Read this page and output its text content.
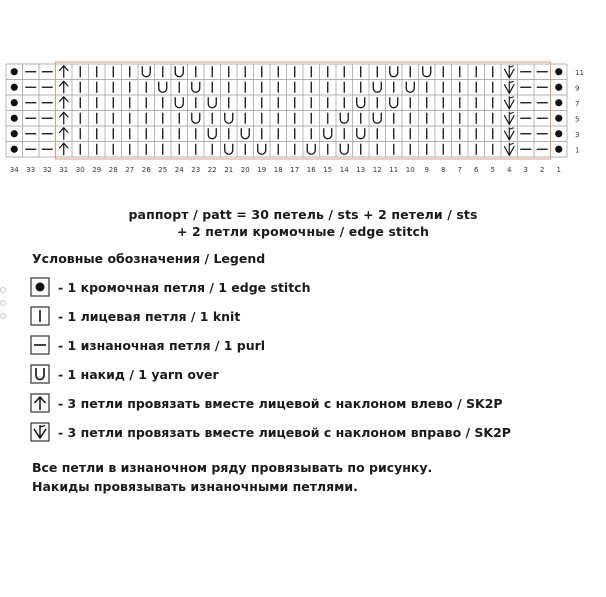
11
9
7
5
3
1
34 33 32 31 30 29 28 27 26 25 24 23 22 21 20 19 18 17 16 15 14 13 12 11 10 9 8 7 6 5 4 3 2 1
раппорт / patt = 30 петель / sts + 2 петели / sts
+ 2 петли кромочные / edge stitch
Условные обозначения / Legend
- 1 кромочная петля / 1 edge stitch
- 1 лицевая петля / 1 knit
- 1 изнаночная петля / 1 purl
- 1 накид / 1 yarn over
- 3 петли провязать вместе лицевой с наклоном влево / SK2P
- 3 петли провязать вместе лицевой с наклоном вправо / SK2P
Все петли в изнаночном ряду провязывать по рисунку.
Накиды провязывать изнаночными петлями.
